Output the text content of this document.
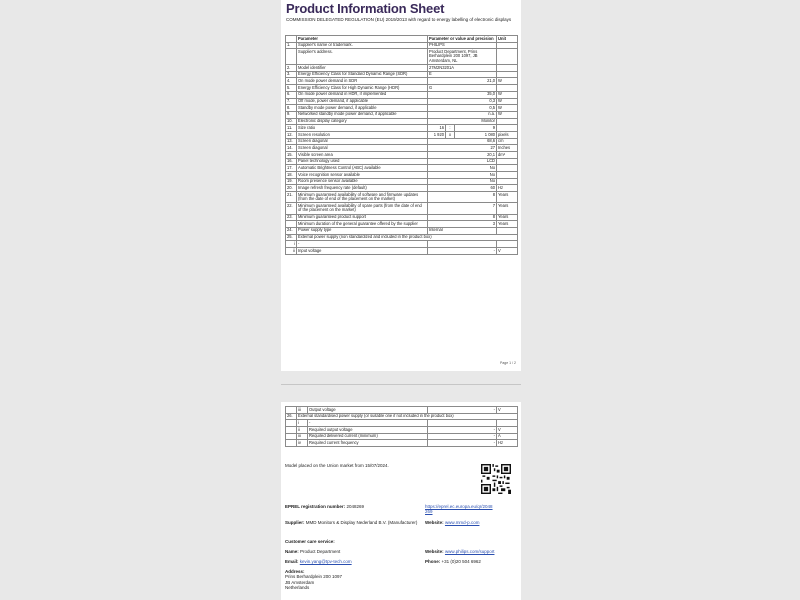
Product Information Sheet
COMMISSION DELEGATED REGULATION (EU) 2019/2013 with regard to energy labelling of electronic displays
	Parameter	Parameter or value and precision			Unit
1.	Supplier's name or trademark.	PHILIPS			
	Supplier's address.	Product Department, Prins Berhardplein 200 1097, JB Amsterdam, NL			
2.	Model identifier	27M2N3201A			
3.	Energy Efficiency Class for Standard Dynamic Range (SDR)	E			
4.	On mode power demand in SDR	21,0			W
5.	Energy Efficiency Class for High Dynamic Range (HDR)	G			
6.	On mode power demand in HDR, if implemented	35,0			W
7.	Off mode, power demand, if applicable	0,3			W
8.	Standby mode power demand, if applicable	0,5			W
9.	Networked standby mode power demand, if applicable	n.a.			W
10.	Electronic display category	Monitor			
11.	Size ratio	16	:	9	
12.	Screen resolution	1 920	x	1 080	pixels
13.	Screen diagonal	68,6			cm
14.	Screen diagonal	27			Inches
15.	Visible screen area	20,1			dm²
16.	Panel technology used	LCD			
17.	Automatic Brightness Control (ABC) available	No			
18.	Voice recognition sensor available	No			
19.	Room presence sensor available	No			
20.	Image refresh frequency rate (default)	60			Hz
21.	Minimum guaranteed availability of software and firmware updates (from the date of end of the placement on the market)	8			Years
22.	Minimum guaranteed availability of spare parts (from the date of end of the placement on the market)	7			Years
23.	Minimum guaranteed product support	8			Years
	Minimum duration of the general guarantee offered by the supplier	3			Years
24.	Power supply type	Internal			
25.	External power supply (non standardized and included in the product box)				
i	-				
ii	Input voltage	-			V
Page 1 / 2
	iii	Output voltage	-	V
26.	External standardised power supply (or suitable one if not included in the product box)			
	i	-		
	ii	Required output voltage	-	V
	iii	Required delivered current (minimum)	-	A
	iv	Required current frequency	-	Hz
Model placed on the Union market from 15/07/2024.
EPREL registration number: 2048269	https://eprel.ec.europa.eu/qr/2048269
Supplier: MMD Monitors & Display Nederland B.V. (Manufacturer) Website: www.mmd-p.com
Customer care service:
Name: Product Department	Website: www.philips.com/support
Email: kevin.yang@tpv-tech.com	Phone: +31 (0)20 504 6962
Address:
Prins Berhardplein 200 1097
JB Amsterdam
Netherlands
